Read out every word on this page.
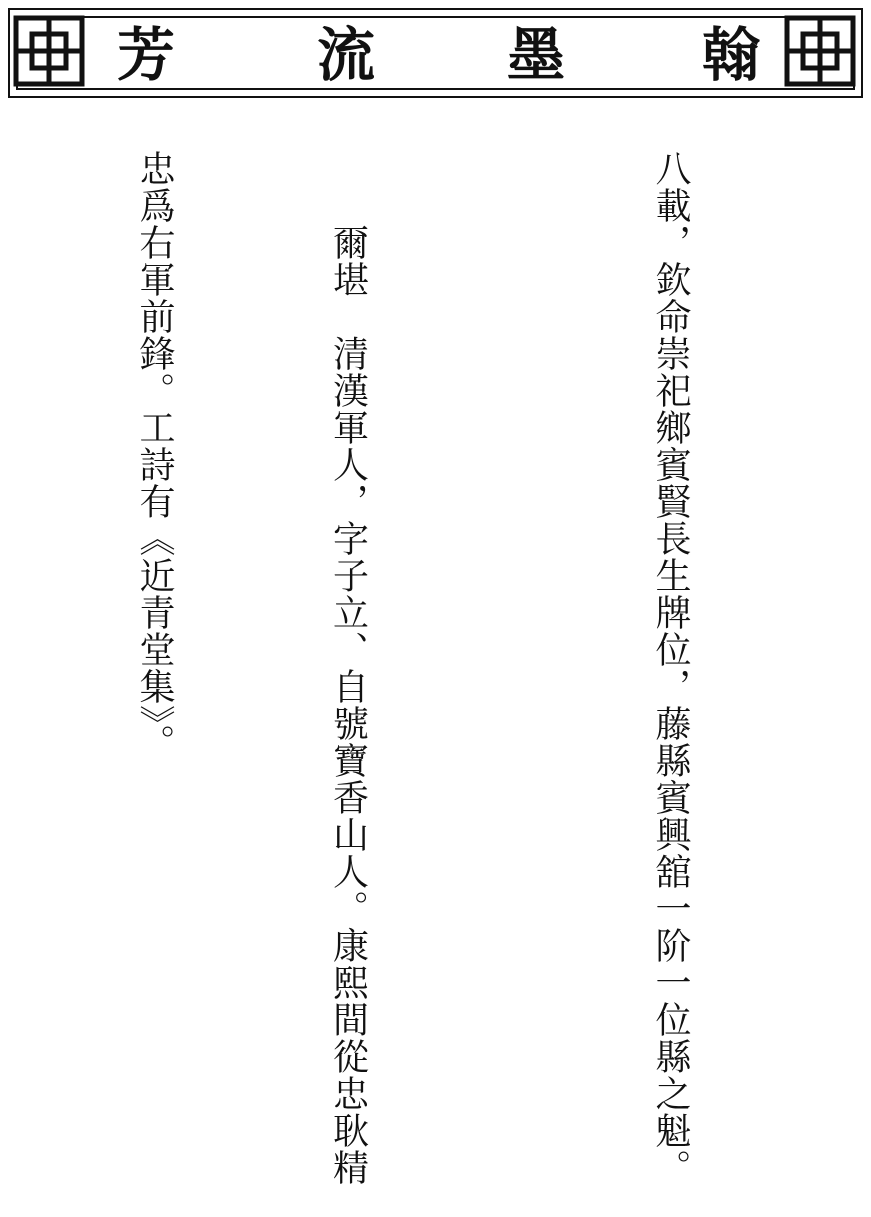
芳 流 墨 翰

八載，欽命崇祀鄉賓賢長生牌位，藤縣賓興舘一阶一位縣之魁。

　　爾堪　清漢軍人，字子立、自號寶香山人。康熙間從忠耿精

忠爲右軍前鋒。工詩有《近青堂集》。
